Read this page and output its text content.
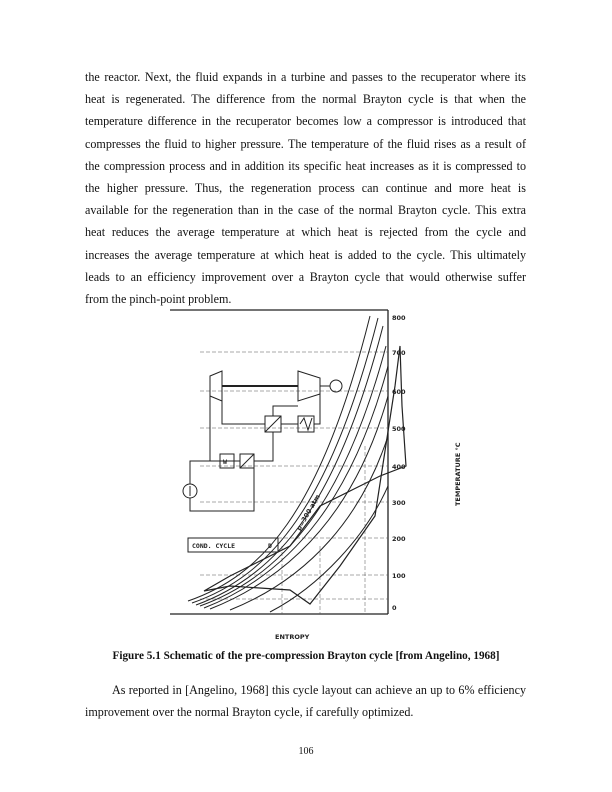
the reactor. Next, the fluid expands in a turbine and passes to the recuperator where its
heat is regenerated. The difference from the normal Brayton cycle is that when the
temperature difference in the recuperator becomes low a compressor is introduced that
compresses the fluid to higher pressure. The temperature of the fluid rises as a result of
the compression process and in addition its specific heat increases as it is compressed to
the higher pressure. Thus, the regeneration process can continue and more heat is
available for the regeneration than in the case of the normal Brayton cycle. This extra
heat reduces the average temperature at which heat is rejected from the cycle and
increases the average temperature at which heat is added to the cycle. This ultimately
leads to an efficiency improvement over a Brayton cycle that would otherwise suffer
from the pinch-point problem.
W
COND. CYCLE	D
800
700
600
500
400
300
200
100
0
TEMPERATURE °C
p=300 atm
ENTROPY
Figure 5.1 Schematic of the pre-compression Brayton cycle [from Angelino, 1968]
As reported in [Angelino, 1968] this cycle layout can achieve an up to 6% efficiency
improvement over the normal Brayton cycle, if carefully optimized.
106
